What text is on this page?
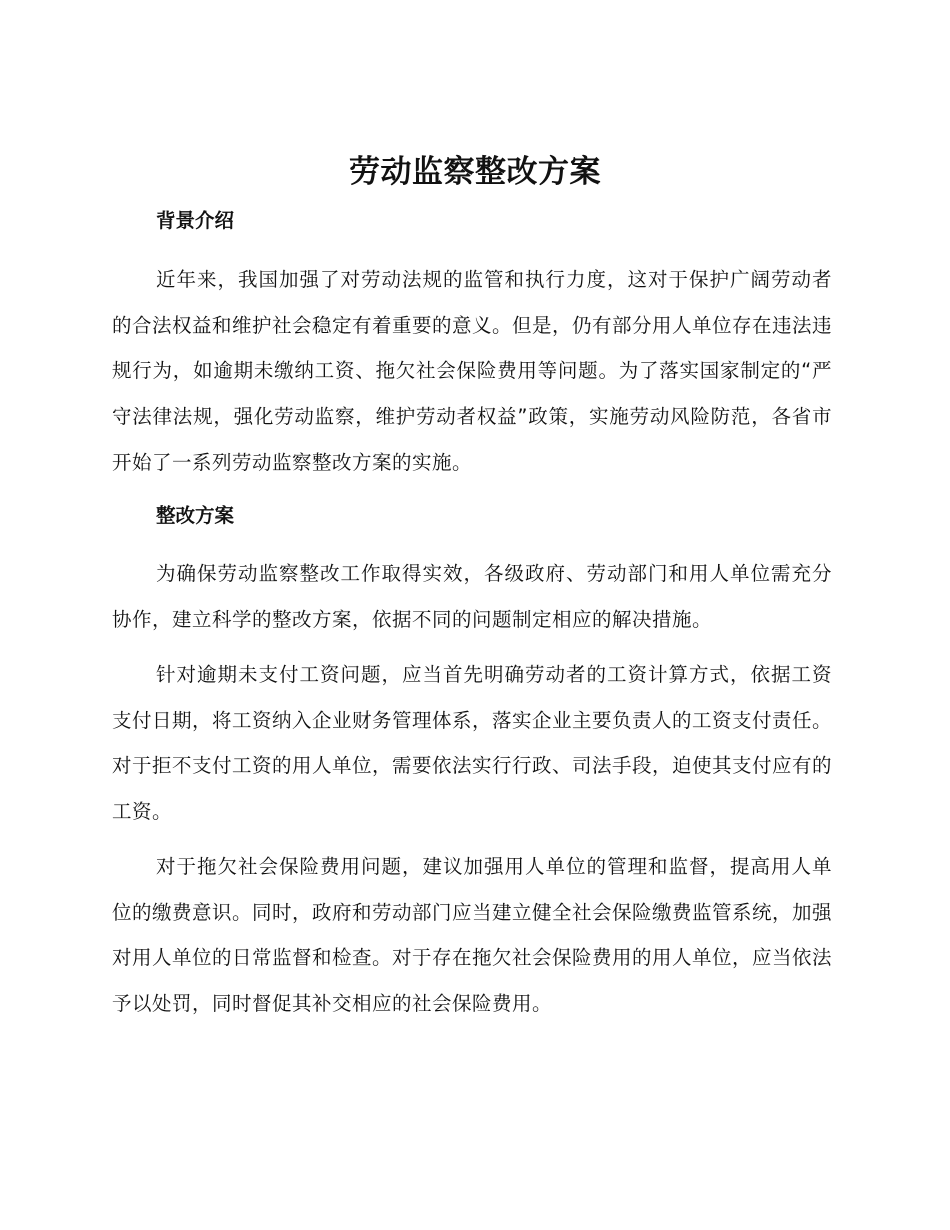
劳动监察整改方案
背景介绍

近年来，我国加强了对劳动法规的监管和执行力度，这对于保护广阔劳动者的合法权益和维护社会稳定有着重要的意义。但是，仍有部分用人单位存在违法违规行为，如逾期未缴纳工资、拖欠社会保险费用等问题。为了落实国家制定的“严守法律法规，强化劳动监察，维护劳动者权益”政策，实施劳动风险防范，各省市开始了一系列劳动监察整改方案的实施。

整改方案

为确保劳动监察整改工作取得实效，各级政府、劳动部门和用人单位需充分协作，建立科学的整改方案，依据不同的问题制定相应的解决措施。

针对逾期未支付工资问题，应当首先明确劳动者的工资计算方式，依据工资支付日期，将工资纳入企业财务管理体系，落实企业主要负责人的工资支付责任。对于拒不支付工资的用人单位，需要依法实行行政、司法手段，迫使其支付应有的工资。

对于拖欠社会保险费用问题，建议加强用人单位的管理和监督，提高用人单位的缴费意识。同时，政府和劳动部门应当建立健全社会保险缴费监管系统，加强对用人单位的日常监督和检查。对于存在拖欠社会保险费用的用人单位，应当依法予以处罚，同时督促其补交相应的社会保险费用。
